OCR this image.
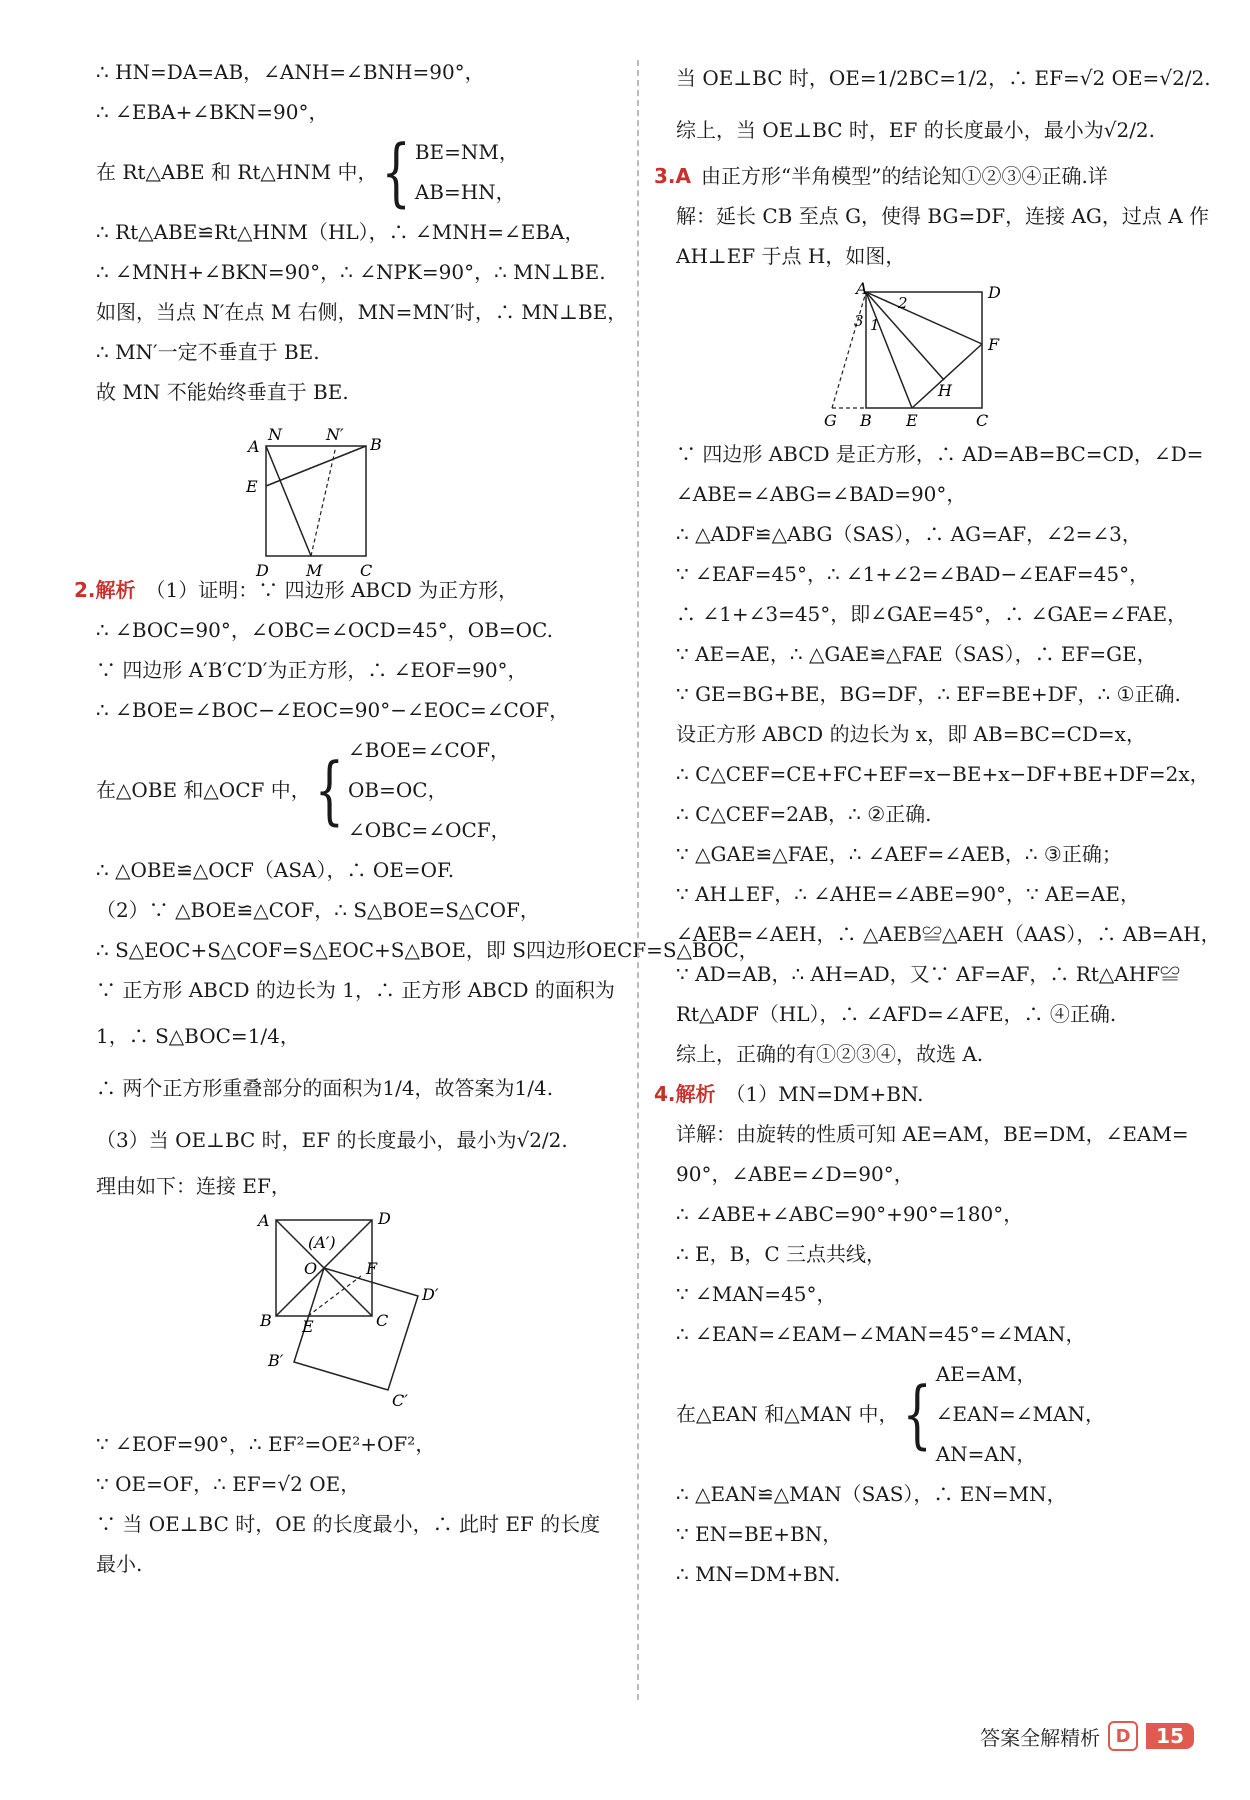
∴ HN=DA=AB，∠ANH=∠BNH=90°，
∴ ∠EBA+∠BKN=90°，
在 Rt△ABE 和 Rt△HNM 中， { BE=NM，
AB=HN，
∴ Rt△ABE≌Rt△HNM（HL），∴ ∠MNH=∠EBA，
∴ ∠MNH+∠BKN=90°，∴ ∠NPK=90°，∴ MN⊥BE.
如图，当点 N′在点 M 右侧，MN=MN′时，∴ MN⊥BE，
∴ MN′一定不垂直于 BE.
故 MN 不能始终垂直于 BE.
A
N	N′
B
E
D M C
2.解析 （1）证明：∵ 四边形 ABCD 为正方形，
∴ ∠BOC=90°，∠OBC=∠OCD=45°，OB=OC.
∵ 四边形 A′B′C′D′为正方形，∴ ∠EOF=90°，
∴ ∠BOE=∠BOC−∠EOC=90°−∠EOC=∠COF，
在△OBE 和△OCF 中， { ∠BOE=∠COF，
OB=OC，
∠OBC=∠OCF，
∴ △OBE≌△OCF（ASA），∴ OE=OF.
（2）∵ △BOE≌△COF，∴ S△BOE=S△COF，
∴ S△EOC+S△COF=S△EOC+S△BOE，即 S四边形OECF=S△BOC，
∵ 正方形 ABCD 的边长为 1，∴ 正方形 ABCD 的面积为
1，∴ S△BOC=1/4，
∴ 两个正方形重叠部分的面积为1/4，故答案为1/4.
（3）当 OE⊥BC 时，EF 的长度最小，最小为√2/2.
理由如下：连接 EF，
A	D
(A′)
O	F
B E	C
D′
B′
C′
∵ ∠EOF=90°，∴ EF²=OE²+OF²，
∵ OE=OF，∴ EF=√2 OE，
∵ 当 OE⊥BC 时，OE 的长度最小，∴ 此时 EF 的长度
最小.
当 OE⊥BC 时，OE=1/2BC=1/2，∴ EF=√2 OE=√2/2.
综上，当 OE⊥BC 时，EF 的长度最小，最小为√2/2.
3.A 由正方形“半角模型”的结论知①②③④正确.详
解：延长 CB 至点 G，使得 BG=DF，连接 AG，过点 A 作
AH⊥EF 于点 H，如图，
A	D
2
3 1
F
H
G B E	C
∵ 四边形 ABCD 是正方形，∴ AD=AB=BC=CD，∠D=
∠ABE=∠ABG=∠BAD=90°，
∴ △ADF≌△ABG（SAS），∴ AG=AF，∠2=∠3，
∵ ∠EAF=45°，∴ ∠1+∠2=∠BAD−∠EAF=45°，
∴ ∠1+∠3=45°，即∠GAE=45°，∴ ∠GAE=∠FAE，
∵ AE=AE，∴ △GAE≌△FAE（SAS），∴ EF=GE，
∵ GE=BG+BE，BG=DF，∴ EF=BE+DF，∴ ①正确.
设正方形 ABCD 的边长为 x，即 AB=BC=CD=x，
∴ C△CEF=CE+FC+EF=x−BE+x−DF+BE+DF=2x，
∴ C△CEF=2AB，∴ ②正确.
∵ △GAE≌△FAE，∴ ∠AEF=∠AEB，∴ ③正确；
∵ AH⊥EF，∴ ∠AHE=∠ABE=90°，∵ AE=AE，
∠AEB=∠AEH，∴ △AEB≌△AEH（AAS），∴ AB=AH，
∵ AD=AB，∴ AH=AD，又∵ AF=AF，∴ Rt△AHF≌
Rt△ADF（HL），∴ ∠AFD=∠AFE，∴ ④正确.
综上，正确的有①②③④，故选 A.
4.解析 （1）MN=DM+BN.
详解：由旋转的性质可知 AE=AM，BE=DM，∠EAM=
90°，∠ABE=∠D=90°，
∴ ∠ABE+∠ABC=90°+90°=180°，
∴ E，B，C 三点共线，
∵ ∠MAN=45°，
∴ ∠EAN=∠EAM−∠MAN=45°=∠MAN，
在△EAN 和△MAN 中， { AE=AM，
∠EAN=∠MAN，
AN=AN，
∴ △EAN≌△MAN（SAS），∴ EN=MN，
∵ EN=BE+BN，
∴ MN=DM+BN.
答案全解精析 D	15
